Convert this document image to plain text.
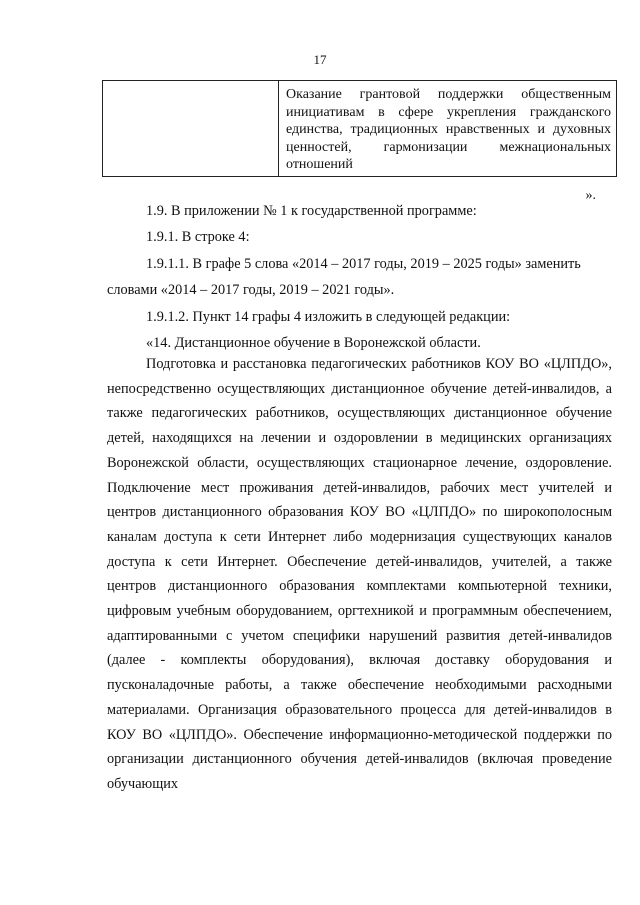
17
Оказание грантовой поддержки общественным инициативам в сфере укрепления гражданского единства, традиционных нравственных и духовных ценностей, гармонизации межнациональных отношений
».

1.9. В приложении № 1 к государственной программе:

1.9.1. В строке 4:

1.9.1.1. В графе 5 слова «2014 – 2017 годы, 2019 – 2025 годы» заменить

словами «2014 – 2017 годы, 2019 – 2021 годы».

1.9.1.2. Пункт 14 графы 4 изложить в следующей редакции:

«14. Дистанционное обучение в Воронежской области.

Подготовка и расстановка педагогических работников КОУ ВО «ЦЛПДО», непосредственно осуществляющих дистанционное обучение детей-инвалидов, а также педагогических работников, осуществляющих дистанционное обучение детей, находящихся на лечении и оздоровлении в медицинских организациях Воронежской области, осуществляющих стационарное лечение, оздоровление. Подключение мест проживания детей-инвалидов, рабочих мест учителей и центров дистанционного образования КОУ ВО «ЦЛПДО» по широкополосным каналам доступа к сети Интернет либо модернизация существующих каналов доступа к сети Интернет. Обеспечение детей-инвалидов, учителей, а также центров дистанционного образования комплектами компьютерной техники, цифровым учебным оборудованием, оргтехникой и программным обеспечением, адаптированными с учетом специфики нарушений развития детей-инвалидов (далее - комплекты оборудования), включая доставку оборудования и пусконаладочные работы, а также обеспечение необходимыми расходными материалами. Организация образовательного процесса для детей-инвалидов в КОУ ВО «ЦЛПДО». Обеспечение информационно-методической поддержки по организации дистанционного обучения детей-инвалидов (включая проведение обучающих
